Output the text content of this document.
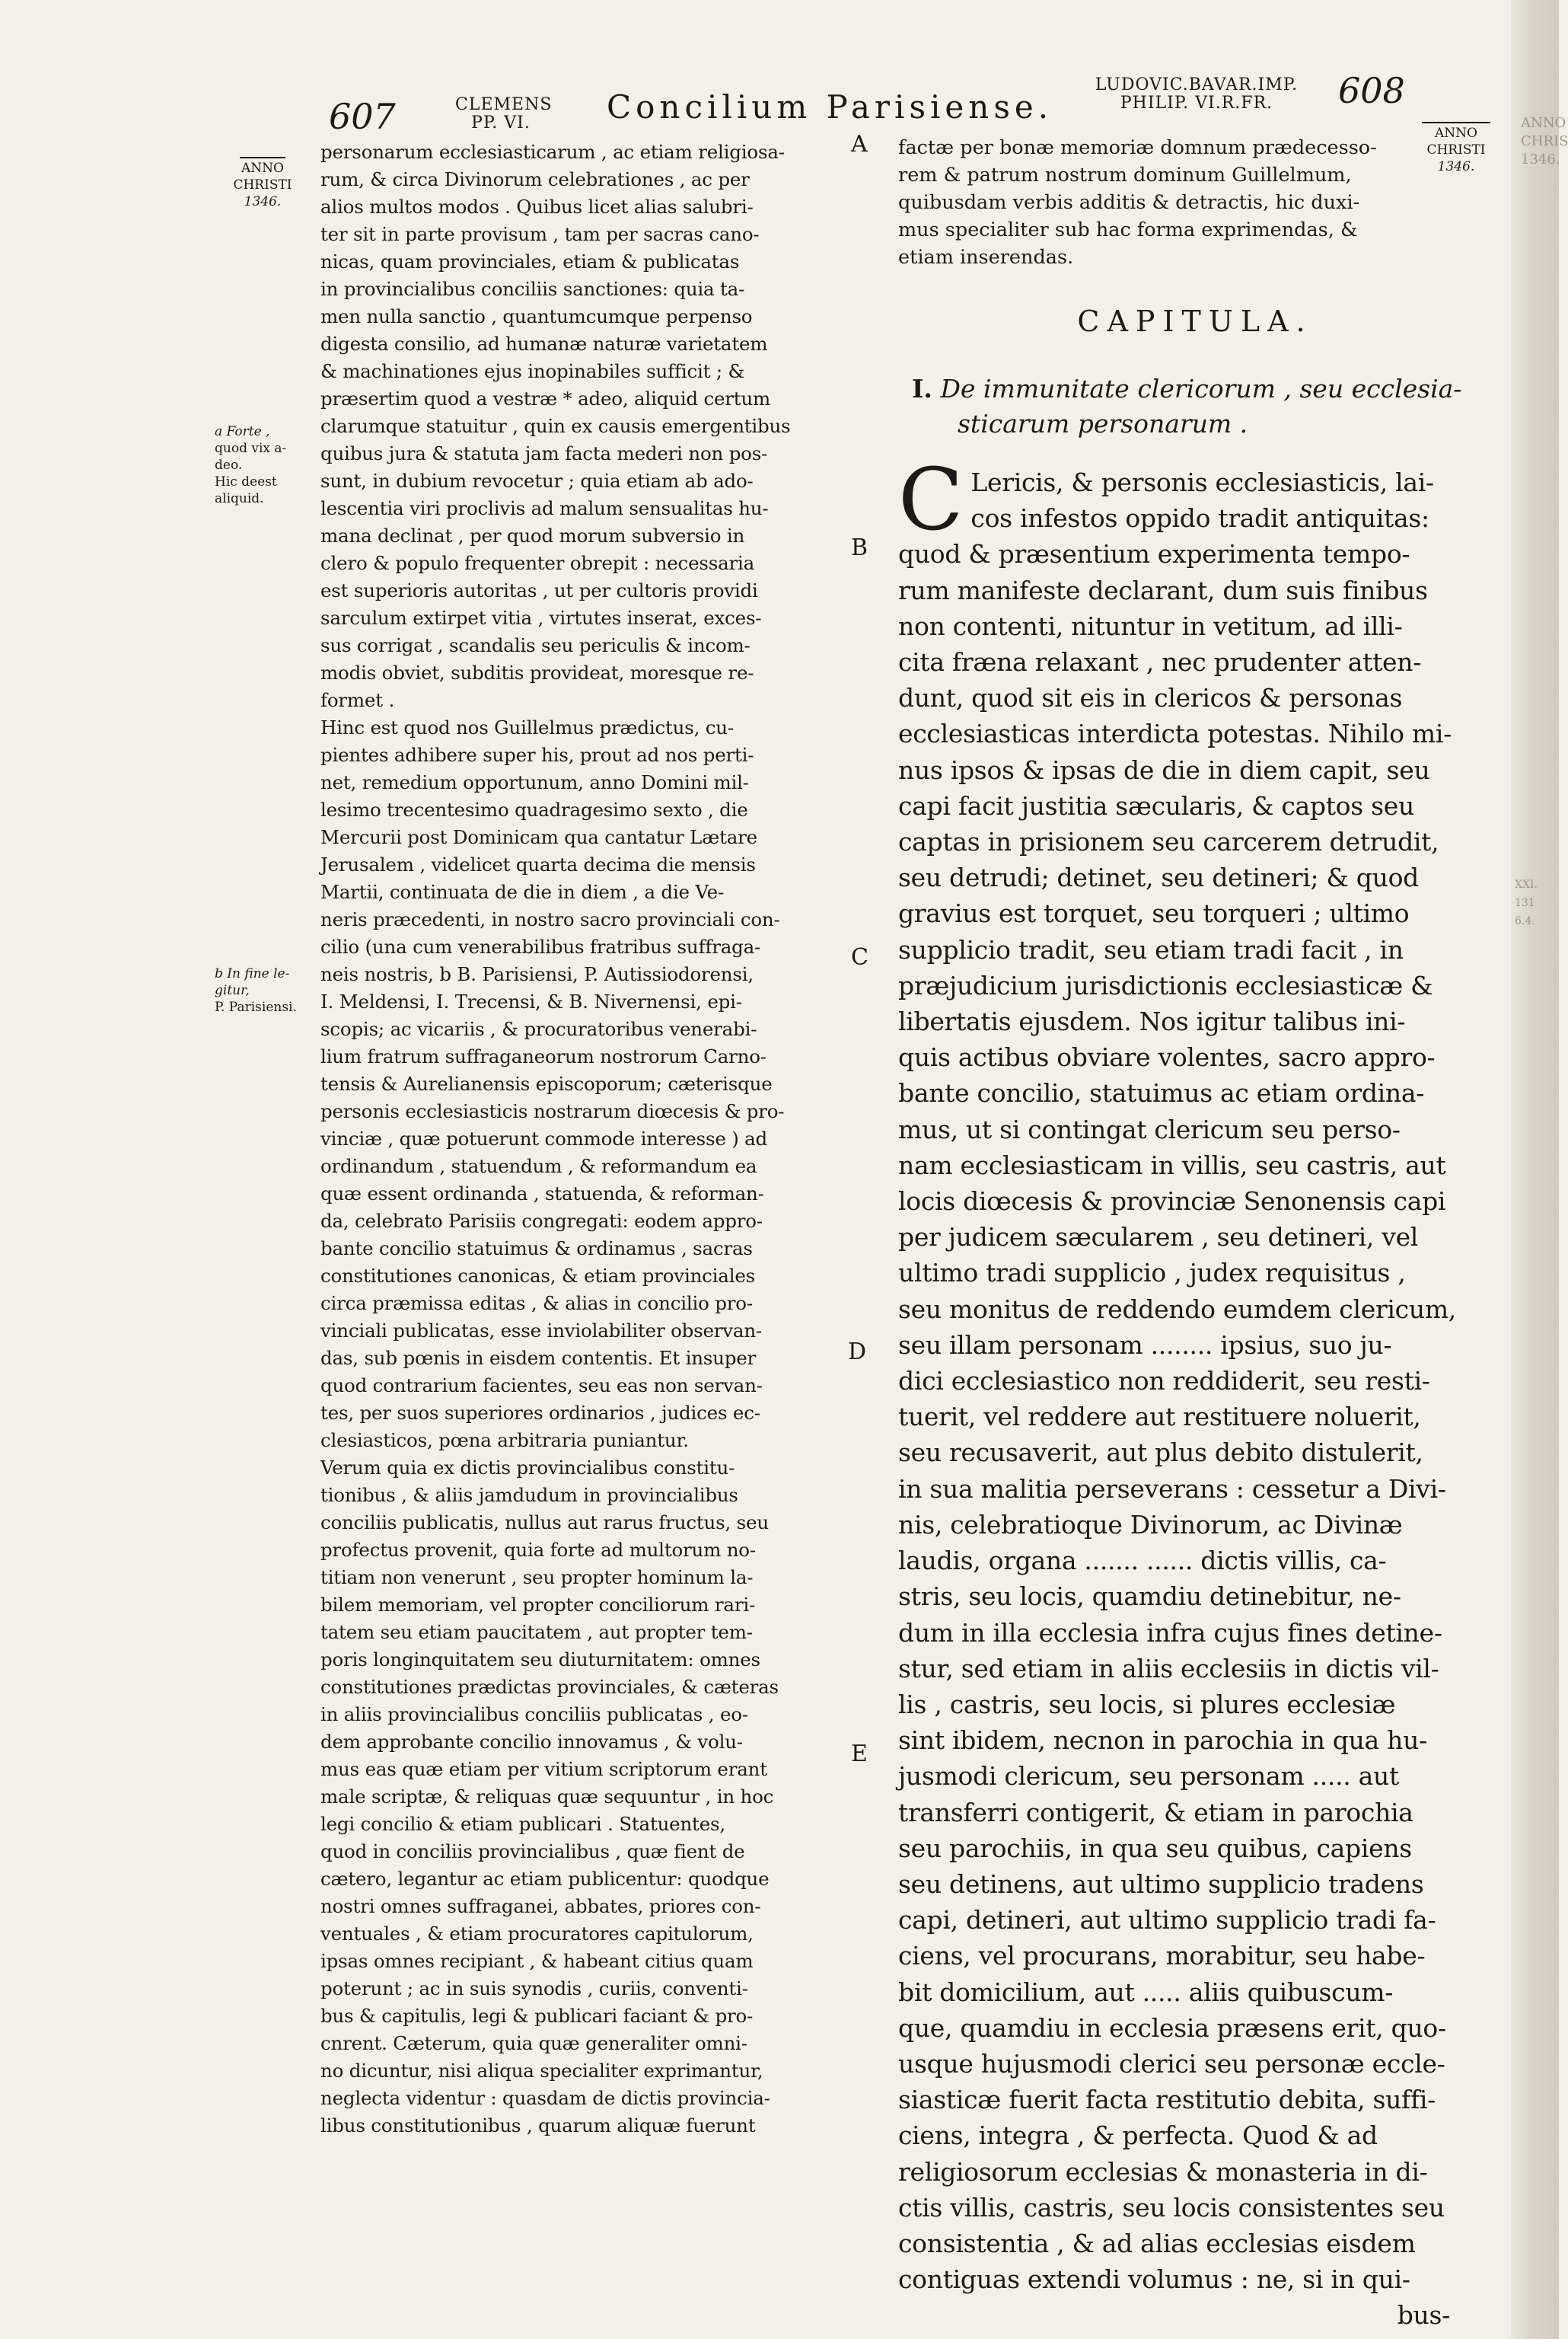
ANNO
CHRIS
1346.
XXI. 131
6.4.
607	CLEMENS
PP. VI.	Concilium Parisiense.
LUDOVIC.BAVAR.IMP.
PHILIP. VI.R.FR.	608
ANNO
CHRISTI
1346.
a Forte ,
quod vix a-
deo.
Hic deest
aliquid.
b In fine le-
gitur,
P. Parisiensi.
A
B
C
D
E
ANNO
CHRISTI
1346.
personarum ecclesiasticarum , ac etiam religiosa-
rum, & circa Divinorum celebrationes , ac per
alios multos modos . Quibus licet alias salubri-
ter sit in parte provisum , tam per sacras cano-
nicas, quam provinciales, etiam & publicatas
in provincialibus conciliis sanctiones: quia ta-
men nulla sanctio , quantumcumque perpenso
digesta consilio, ad humanæ naturæ varietatem
& machinationes ejus inopinabiles sufficit ; &
præsertim quod a vestræ * adeo, aliquid certum
clarumque statuitur , quin ex causis emergentibus
quibus jura & statuta jam facta mederi non pos-
sunt, in dubium revocetur ; quia etiam ab ado-
lescentia viri proclivis ad malum sensualitas hu-
mana declinat , per quod morum subversio in
clero & populo frequenter obrepit : necessaria
est superioris autoritas , ut per cultoris providi
sarculum extirpet vitia , virtutes inserat, exces-
sus corrigat , scandalis seu periculis & incom-
modis obviet, subditis provideat, moresque re-
formet .
Hinc est quod nos Guillelmus prædictus, cu-
pientes adhibere super his, prout ad nos perti-
net, remedium opportunum, anno Domini mil-
lesimo trecentesimo quadragesimo sexto , die
Mercurii post Dominicam qua cantatur Lætare
Jerusalem , videlicet quarta decima die mensis
Martii, continuata de die in diem , a die Ve-
neris præcedenti, in nostro sacro provinciali con-
cilio (una cum venerabilibus fratribus suffraga-
neis nostris, b B. Parisiensi, P. Autissiodorensi,
I. Meldensi, I. Trecensi, & B. Nivernensi, epi-
scopis; ac vicariis , & procuratoribus venerabi-
lium fratrum suffraganeorum nostrorum Carno-
tensis & Aurelianensis episcoporum; cæterisque
personis ecclesiasticis nostrarum diœcesis & pro-
vinciæ , quæ potuerunt commode interesse ) ad
ordinandum , statuendum , & reformandum ea
quæ essent ordinanda , statuenda, & reforman-
da, celebrato Parisiis congregati: eodem appro-
bante concilio statuimus & ordinamus , sacras
constitutiones canonicas, & etiam provinciales
circa præmissa editas , & alias in concilio pro-
vinciali publicatas, esse inviolabiliter observan-
das, sub pœnis in eisdem contentis. Et insuper
quod contrarium facientes, seu eas non servan-
tes, per suos superiores ordinarios , judices ec-
clesiasticos, pœna arbitraria puniantur.
Verum quia ex dictis provincialibus constitu-
tionibus , & aliis jamdudum in provincialibus
conciliis publicatis, nullus aut rarus fructus, seu
profectus provenit, quia forte ad multorum no-
titiam non venerunt , seu propter hominum la-
bilem memoriam, vel propter conciliorum rari-
tatem seu etiam paucitatem , aut propter tem-
poris longinquitatem seu diuturnitatem: omnes
constitutiones prædictas provinciales, & cæteras
in aliis provincialibus conciliis publicatas , eo-
dem approbante concilio innovamus , & volu-
mus eas quæ etiam per vitium scriptorum erant
male scriptæ, & reliquas quæ sequuntur , in hoc
legi concilio & etiam publicari . Statuentes,
quod in conciliis provincialibus , quæ fient de
cætero, legantur ac etiam publicentur: quodque
nostri omnes suffraganei, abbates, priores con-
ventuales , & etiam procuratores capitulorum,
ipsas omnes recipiant , & habeant citius quam
poterunt ; ac in suis synodis , curiis, conventi-
bus & capitulis, legi & publicari faciant & pro-
cnrent. Cæterum, quia quæ generaliter omni-
no dicuntur, nisi aliqua specialiter exprimantur,
neglecta videntur : quasdam de dictis provincia-
libus constitutionibus , quarum aliquæ fuerunt
factæ per bonæ memoriæ domnum prædecesso-
rem & patrum nostrum dominum Guillelmum,
quibusdam verbis additis & detractis, hic duxi-
mus specialiter sub hac forma exprimendas, &
etiam inserendas.
CAPITULA.
I. De immunitate clericorum , seu ecclesia-
sticarum personarum .
C Lericis, & personis ecclesiasticis, lai-
cos infestos oppido tradit antiquitas:
quod & præsentium experimenta tempo-
rum manifeste declarant, dum suis finibus
non contenti, nituntur in vetitum, ad illi-
cita fræna relaxant , nec prudenter atten-
dunt, quod sit eis in clericos & personas
ecclesiasticas interdicta potestas. Nihilo mi-
nus ipsos & ipsas de die in diem capit, seu
capi facit justitia sæcularis, & captos seu
captas in prisionem seu carcerem detrudit,
seu detrudi; detinet, seu detineri; & quod
gravius est torquet, seu torqueri ; ultimo
supplicio tradit, seu etiam tradi facit , in
præjudicium jurisdictionis ecclesiasticæ &
libertatis ejusdem. Nos igitur talibus ini-
quis actibus obviare volentes, sacro appro-
bante concilio, statuimus ac etiam ordina-
mus, ut si contingat clericum seu perso-
nam ecclesiasticam in villis, seu castris, aut
locis diœcesis & provinciæ Senonensis capi
per judicem sæcularem , seu detineri, vel
ultimo tradi supplicio , judex requisitus ,
seu monitus de reddendo eumdem clericum,
seu illam personam ........ ipsius, suo ju-
dici ecclesiastico non reddiderit, seu resti-
tuerit, vel reddere aut restituere noluerit,
seu recusaverit, aut plus debito distulerit,
in sua malitia perseverans : cessetur a Divi-
nis, celebratioque Divinorum, ac Divinæ
laudis, organa ....... ...... dictis villis, ca-
stris, seu locis, quamdiu detinebitur, ne-
dum in illa ecclesia infra cujus fines detine-
stur, sed etiam in aliis ecclesiis in dictis vil-
lis , castris, seu locis, si plures ecclesiæ
sint ibidem, necnon in parochia in qua hu-
jusmodi clericum, seu personam ..... aut
transferri contigerit, & etiam in parochia
seu parochiis, in qua seu quibus, capiens
seu detinens, aut ultimo supplicio tradens
capi, detineri, aut ultimo supplicio tradi fa-
ciens, vel procurans, morabitur, seu habe-
bit domicilium, aut ..... aliis quibuscum-
que, quamdiu in ecclesia præsens erit, quo-
usque hujusmodi clerici seu personæ eccle-
siasticæ fuerit facta restitutio debita, suffi-
ciens, integra , & perfecta. Quod & ad
religiosorum ecclesias & monasteria in di-
ctis villis, castris, seu locis consistentes seu
consistentia , & ad alias ecclesias eisdem
contiguas extendi volumus : ne, si in qui-
bus-
